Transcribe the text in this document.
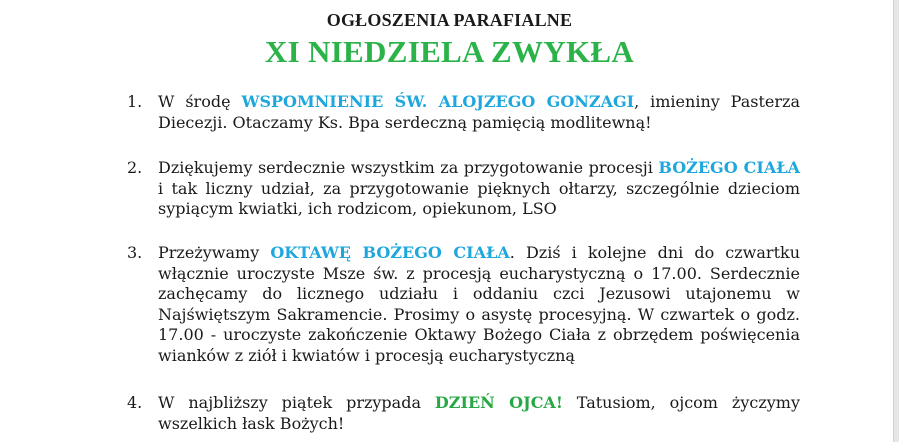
OGŁOSZENIA PARAFIALNE
XI NIEDZIELA ZWYKŁA
1. W środę WSPOMNIENIE ŚW. ALOJZEGO GONZAGI, imieniny Pasterza Diecezji. Otaczamy Ks. Bpa serdeczną pamięcią modlitewną!
2. Dziękujemy serdecznie wszystkim za przygotowanie procesji BOŻEGO CIAŁA i tak liczny udział, za przygotowanie pięknych ołtarzy, szczególnie dzieciom sypiącym kwiatki, ich rodzicom, opiekunom, LSO
3. Przeżywamy OKTAWĘ BOŻEGO CIAŁA. Dziś i kolejne dni do czwartku włącznie uroczyste Msze św. z procesją eucharystyczną o 17.00. Serdecznie zachęcamy do licznego udziału i oddaniu czci Jezusowi utajonemu w Najświętszym Sakramencie. Prosimy o asystę procesyjną. W czwartek o godz. 17.00 - uroczyste zakończenie Oktawy Bożego Ciała z obrzędem poświęcenia wianków z ziół i kwiatów i procesją eucharystyczną
4. W najbliższy piątek przypada DZIEŃ OJCA! Tatusiom, ojcom życzymy wszelkich łask Bożych!
